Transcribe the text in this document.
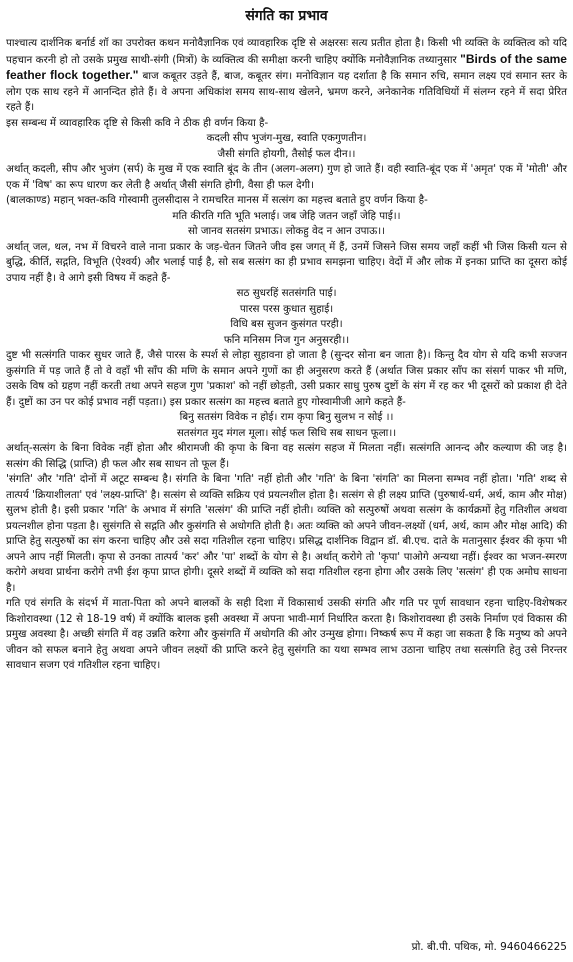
संगति का प्रभाव

पाश्चात्य दार्शनिक बर्नार्ड शॉ का उपरोक्त कथन मनोवैज्ञानिक एवं व्यावहारिक दृष्टि से अक्षरसः सत्य प्रतीत होता है। किसी भी व्यक्ति के व्यक्तित्व को यदि पहचान करनी हो तो उसके प्रमुख साथी-संगी (मित्रों) के व्यक्तित्व की समीक्षा करनी चाहिए क्योंकि मनोवैज्ञानिक तथ्यानुसार "Birds of the same feather flock together." बाज कबूतर उड़ते हैं, बाज, कबूतर संग। मनोविज्ञान यह दर्शाता है कि समान रुचि, समान लक्ष्य एवं समान स्तर के लोग एक साथ रहने में आनन्दित होते हैं। वे अपना अधिकांश समय साथ-साथ खेलने, भ्रमण करने, अनेकानेक गतिविधियों में संलग्न रहने में सदा प्रेरित रहते हैं।

इस सम्बन्ध में व्यावहारिक दृष्टि से किसी कवि ने ठीक ही वर्णन किया है-

कदली सीप भुजंग-मुख, स्वाति एकगुणतीन।

जैसी संगति होयगी, तैसोई फल दीन।।

अर्थात् कदली, सीप और भुजंग (सर्प) के मुख में एक स्वाति बूंद के तीन (अलग-अलग) गुण हो जाते हैं। वही स्वाति-बूंद एक में 'अमृत' एक में 'मोती' और एक में 'विष' का रूप धारण कर लेती है अर्थात् जैसी संगति होगी, वैसा ही फल देगी।

(बालकाण्ड) महान् भक्त-कवि गोस्वामी तुलसीदास ने रामचरित मानस में सत्संग का महत्त्व बताते हुए वर्णन किया है-

मति कीरति गति भूति भलाई। जब जेहि जतन जहाँ जेहि पाई।।

सो जानव सतसंग प्रभाऊ। लोकहु वेद न आन उपाऊ।।

अर्थात् जल, थल, नभ में विचरने वाले नाना प्रकार के जड़-चेतन जितने जीव इस जगत् में हैं, उनमें जिसने जिस समय जहाँ कहीं भी जिस किसी यत्न से बुद्धि, कीर्ति, सद्गति, विभूति (ऐश्वर्य) और भलाई पाई है, सो सब सत्संग का ही प्रभाव समझना चाहिए। वेदों में और लोक में इनका प्राप्ति का दूसरा कोई उपाय नहीं है। वे आगे इसी विषय में कहते हैं-

सठ सुधरहिं सतसंगति पाई।

पारस परस कुधात सुहाई।

विधि बस सुजन कुसंगत परही।

फनि मनिसम निज गुन अनुसरही।।

दुष्ट भी सत्संगति पाकर सुधर जाते हैं, जैसे पारस के स्पर्श से लोहा सुहावना हो जाता है (सुन्दर सोना बन जाता है)। किन्तु दैव योग से यदि कभी सज्जन कुसंगति में पड़ जाते हैं तो वे वहाँ भी साँप की मणि के समान अपने गुणों का ही अनुसरण करते हैं (अर्थात जिस प्रकार साँप का संसर्ग पाकर भी मणि, उसके विष को ग्रहण नहीं करती तथा अपने सहज गुण 'प्रकाश' को नहीं छोड़ती, उसी प्रकार साधु पुरुष दुष्टों के संग में रह कर भी दूसरों को प्रकाश ही देते हैं। दुष्टों का उन पर कोई प्रभाव नहीं पड़ता।) इस प्रकार सत्संग का महत्त्व बताते हुए गोस्वामीजी आगे कहते हैं-

बिनु सतसंग विवेक न होई। राम कृपा बिनु सुलभ न सोई ।।

सतसंगत मुद मंगल मूला। सोई फल सिधि सब साधन फूला।।

अर्थात्-सत्संग के बिना विवेक नहीं होता और श्रीरामजी की कृपा के बिना वह सत्संग सहज में मिलता नहीं। सत्संगति आनन्द और कल्याण की जड़ है। सत्संग की सिद्धि (प्राप्ति) ही फल और सब साधन तो फूल हैं।

'संगति' और 'गति' दोनों में अटूट सम्बन्ध है। संगति के बिना 'गति' नहीं होती और 'गति' के बिना 'संगति' का मिलना सम्भव नहीं होता। 'गति' शब्द से तात्पर्य 'क्रियाशीलता' एवं 'लक्ष्य-प्राप्ति' है। सत्संग से व्यक्ति सक्रिय एवं प्रयत्नशील होता है। सत्संग से ही लक्ष्य प्राप्ति (पुरुषार्थ-धर्म, अर्थ, काम और मोक्ष) सुलभ होती है। इसी प्रकार 'गति' के अभाव में संगति 'सत्संग' की प्राप्ति नहीं होती। व्यक्ति को सत्पुरुषों अथवा सत्संग के कार्यक्रमों हेतु गतिशील अथवा प्रयत्नशील होना पड़ता है। सुसंगति से सद्गति और कुसंगति से अधोगति होती है। अतः व्यक्ति को अपने जीवन-लक्ष्यों (धर्म, अर्थ, काम और मोक्ष आदि) की प्राप्ति हेतु सत्पुरुषों का संग करना चाहिए और उसे सदा गतिशील रहना चाहिए। प्रसिद्ध दार्शनिक विद्वान डॉ. बी.एच. दाते के मतानुसार ईश्वर की कृपा भी अपने आप नहीं मिलती। कृपा से उनका तात्पर्य 'कर' और 'पा' शब्दों के योग से है। अर्थात् करोगे तो 'कृपा' पाओगे अन्यथा नहीं। ईश्वर का भजन-स्मरण करोगे अथवा प्रार्थना करोगे तभी ईश कृपा प्राप्त होगी। दूसरे शब्दों में व्यक्ति को सदा गतिशील रहना होगा और उसके लिए 'सत्संग' ही एक अमोघ साधना है।

गति एवं संगति के संदर्भ में माता-पिता को अपने बालकों के सही दिशा में विकासार्थ उसकी संगति और गति पर पूर्ण सावधान रहना चाहिए-विशेषकर किशोरावस्था (12 से 18-19 वर्ष) में क्योंकि बालक इसी अवस्था में अपना भावी-मार्ग निर्धारित करता है। किशोरावस्था ही उसके निर्माण एवं विकास की प्रमुख अवस्था है। अच्छी संगति में वह उन्नति करेगा और कुसंगति में अधोगति की ओर उन्मुख होगा। निष्कर्ष रूप में कहा जा सकता है कि मनुष्य को अपने जीवन को सफल बनाने हेतु अथवा अपने जीवन लक्ष्यों की प्राप्ति करने हेतु सुसंगति का यथा सम्भव लाभ उठाना चाहिए तथा सत्संगति हेतु उसे निरन्तर सावधान सजग एवं गतिशील रहना चाहिए।

प्रो. बी.पी. पथिक, मो. 9460466225
